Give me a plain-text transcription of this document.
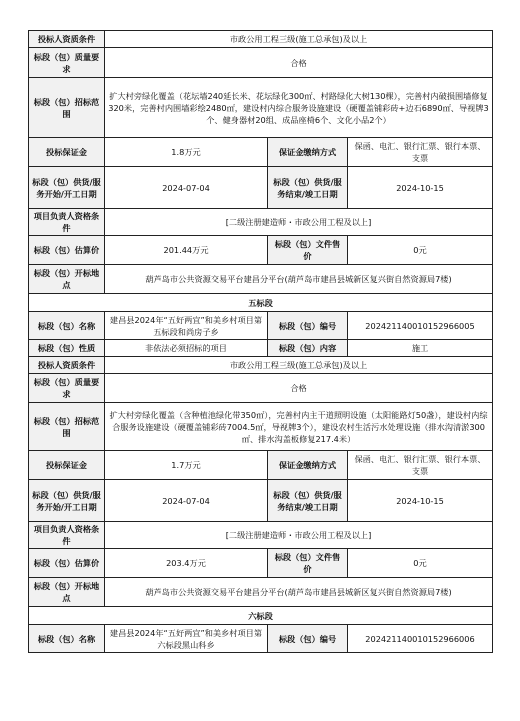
投标人资质条件	市政公用工程三级(施工总承包)及以上		
标段（包）质量要求	合格		
标段（包）招标范围	扩大村旁绿化覆盖（花坛墙240延长米、花坛绿化300㎡、村路绿化大树130棵），完善村内破损围墙修复320米，完善村内围墙彩绘2480㎡，建设村内综合服务设施建设（硬覆盖铺彩砖+边石6890㎡、导视牌3个、健身器材20组、成品座椅6个、文化小品2个）		
投标保证金	1.8万元	保证金缴纳方式	保函、电汇、银行汇票、银行本票、支票
标段（包）供货/服务开始/开工日期	2024-07-04	标段（包）供货/服务结束/竣工日期	2024-10-15
项目负责人资格条件	[二级注册建造师・市政公用工程及以上]		
标段（包）估算价	201.44万元	标段（包）文件售价	0元
标段（包）开标地点	葫芦岛市公共资源交易平台建昌分平台(葫芦岛市建昌县城新区复兴街自然资源局7楼)		
五标段			
标段（包）名称	建昌县2024年“五好两宜”和美乡村项目第五标段和尚房子乡	标段（包）编号	20242114001015296600​5
标段（包）性质	非依法必须招标的项目	标段（包）内容	施工
投标人资质条件	市政公用工程三级(施工总承包)及以上		
标段（包）质量要求	合格		
标段（包）招标范围	扩大村旁绿化覆盖（含种植池绿化带350㎡），完善村内主干道照明设施（太阳能路灯50盏），建设村内综合服务设施建设（硬覆盖铺彩砖7004.5㎡，导视牌3个），建设农村生活污水处理设施（排水沟清淤300㎡、排水沟盖板修复217.4米）		
投标保证金	1.7万元	保证金缴纳方式	保函、电汇、银行汇票、银行本票、支票
标段（包）供货/服务开始/开工日期	2024-07-04	标段（包）供货/服务结束/竣工日期	2024-10-15
项目负责人资格条件	[二级注册建造师・市政公用工程及以上]		
标段（包）估算价	203.4万元	标段（包）文件售价	0元
标段（包）开标地点	葫芦岛市公共资源交易平台建昌分平台(葫芦岛市建昌县城新区复兴街自然资源局7楼)		
六标段			
标段（包）名称	建昌县2024年“五好两宜”和美乡村项目第六标段黑山科乡	标段（包）编号	202421140010152966006
